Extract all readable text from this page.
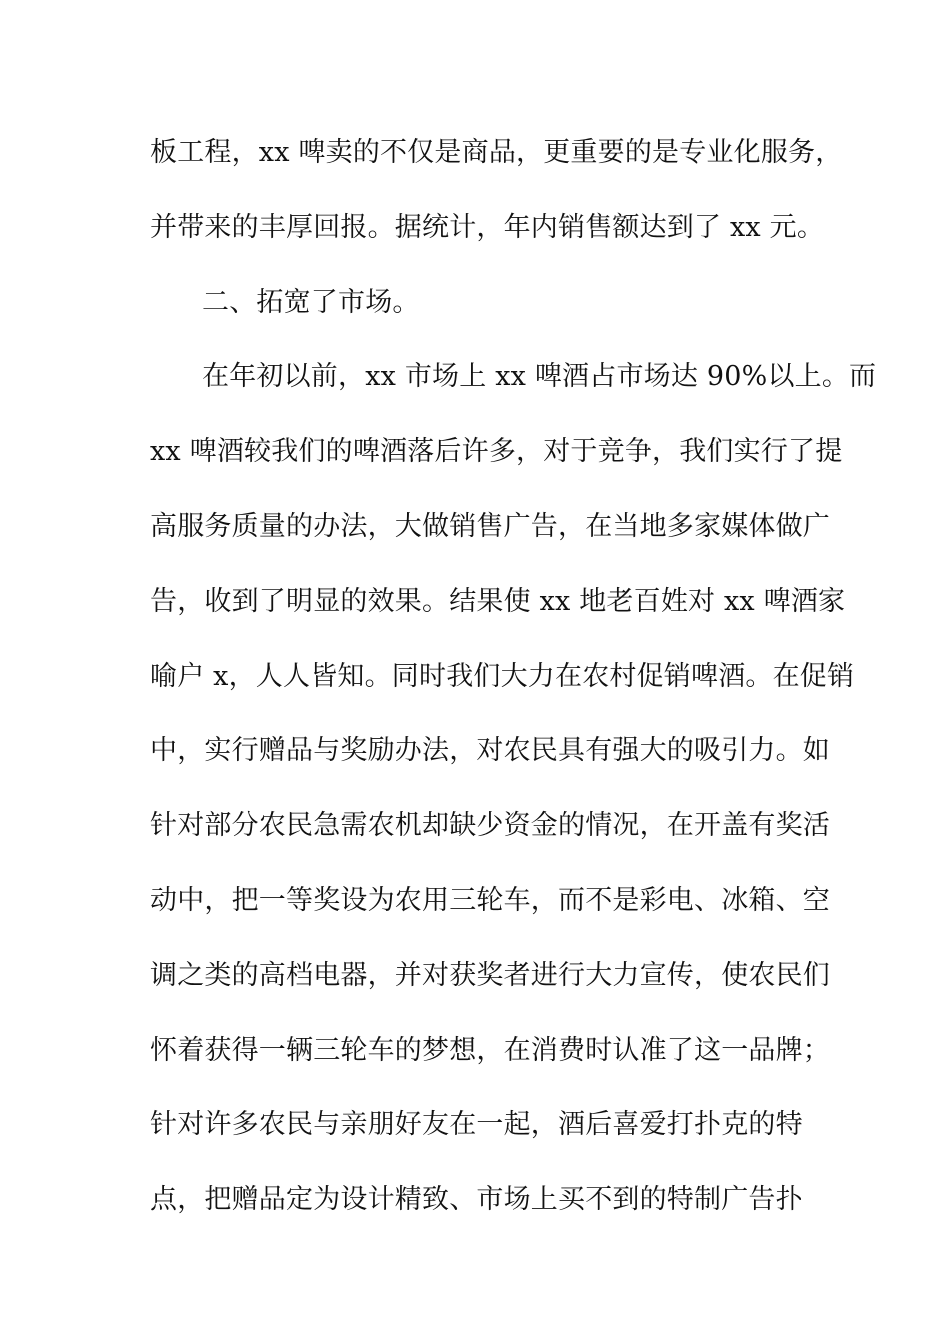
板工程，xx 啤卖的不仅是商品，更重要的是专业化服务，
并带来的丰厚回报。据统计，年内销售额达到了 xx 元。
二、拓宽了市场。
在年初以前，xx 市场上 xx 啤酒占市场达 90%以上。而
xx 啤酒较我们的啤酒落后许多，对于竞争，我们实行了提
高服务质量的办法，大做销售广告，在当地多家媒体做广
告，收到了明显的效果。结果使 xx 地老百姓对 xx 啤酒家
喻户 x，人人皆知。同时我们大力在农村促销啤酒。在促销
中，实行赠品与奖励办法，对农民具有强大的吸引力。如
针对部分农民急需农机却缺少资金的情况，在开盖有奖活
动中，把一等奖设为农用三轮车，而不是彩电、冰箱、空
调之类的高档电器，并对获奖者进行大力宣传，使农民们
怀着获得一辆三轮车的梦想，在消费时认准了这一品牌；
针对许多农民与亲朋好友在一起，酒后喜爱打扑克的特
点，把赠品定为设计精致、市场上买不到的特制广告扑
